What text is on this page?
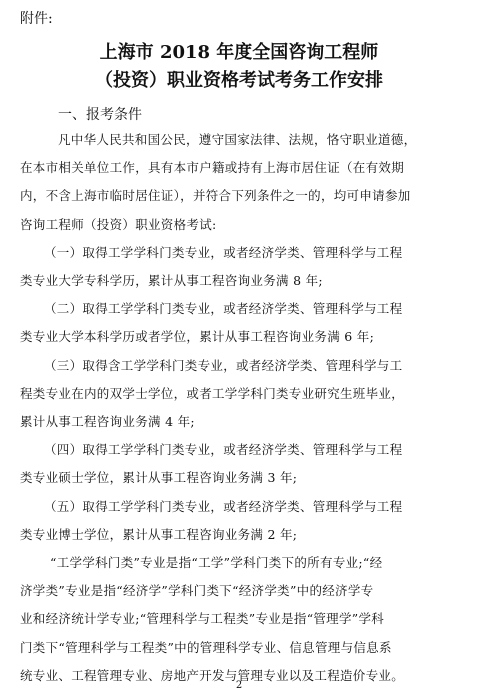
附件:
上海市 2018 年度全国咨询工程师
（投资）职业资格考试考务工作安排
一、报考条件
凡中华人民共和国公民，遵守国家法律、法规，恪守职业道德，
在本市相关单位工作，具有本市户籍或持有上海市居住证（在有效期
内，不含上海市临时居住证），并符合下列条件之一的，均可申请参加
咨询工程师（投资）职业资格考试:
（一）取得工学学科门类专业，或者经济学类、管理科学与工程
类专业大学专科学历，累计从事工程咨询业务满 8 年;
（二）取得工学学科门类专业，或者经济学类、管理科学与工程
类专业大学本科学历或者学位，累计从事工程咨询业务满 6 年;
（三）取得含工学学科门类专业，或者经济学类、管理科学与工
程类专业在内的双学士学位，或者工学学科门类专业研究生班毕业，
累计从事工程咨询业务满 4 年;
（四）取得工学学科门类专业，或者经济学类、管理科学与工程
类专业硕士学位，累计从事工程咨询业务满 3 年;
（五）取得工学学科门类专业，或者经济学类、管理科学与工程
类专业博士学位，累计从事工程咨询业务满 2 年;
“工学学科门类”专业是指“工学”学科门类下的所有专业;“经
济学类”专业是指“经济学”学科门类下“经济学类”中的经济学专
业和经济统计学专业;“管理科学与工程类”专业是指“管理学”学科
门类下“管理科学与工程类”中的管理科学专业、信息管理与信息系
统专业、工程管理专业、房地产开发与管理专业以及工程造价专业。
2
